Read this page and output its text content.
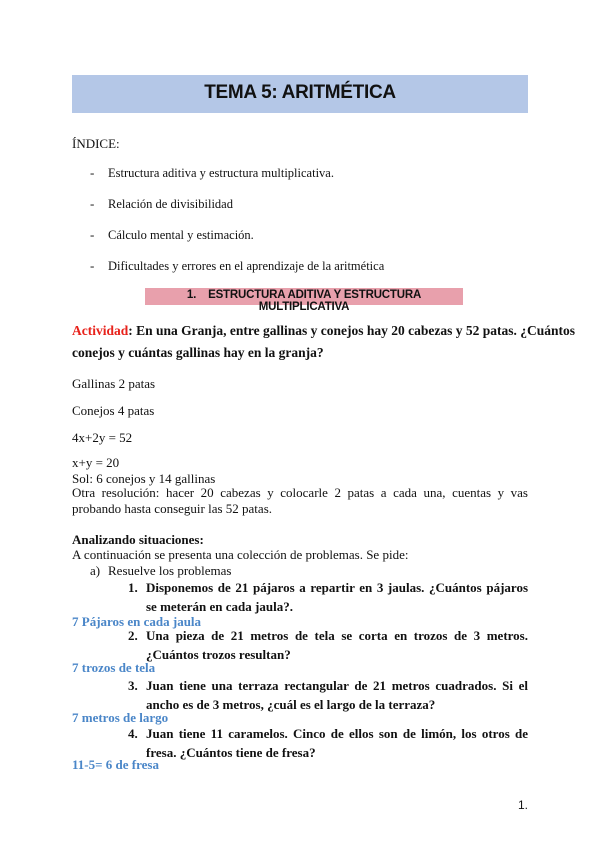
TEMA 5: ARITMÉTICA
ÍNDICE:
- Estructura aditiva y estructura multiplicativa.
- Relación de divisibilidad
- Cálculo mental y estimación.
- Dificultades y errores en el aprendizaje de la aritmética
1. ESTRUCTURA ADITIVA Y ESTRUCTURA MULTIPLICATIVA
Actividad: En una Granja, entre gallinas y conejos hay 20 cabezas y 52 patas. ¿Cuántos
conejos y cuántas gallinas hay en la granja?
Gallinas 2 patas
Conejos 4 patas
4x+2y = 52
x+y = 20
Sol: 6 conejos y 14 gallinas
Otra resolución: hacer 20 cabezas y colocarle 2 patas a cada una, cuentas y vas probando hasta conseguir las 52 patas.
Analizando situaciones:
A continuación se presenta una colección de problemas. Se pide:
a) Resuelve los problemas
1. Disponemos de 21 pájaros a repartir en 3 jaulas. ¿Cuántos pájaros se meterán en cada jaula?.
7 Pájaros en cada jaula
2. Una pieza de 21 metros de tela se corta en trozos de 3 metros. ¿Cuántos trozos resultan?
7 trozos de tela
3. Juan tiene una terraza rectangular de 21 metros cuadrados. Si el ancho es de 3 metros, ¿cuál es el largo de la terraza?
7 metros de largo
4. Juan tiene 11 caramelos. Cinco de ellos son de limón, los otros de fresa. ¿Cuántos tiene de fresa?
11-5= 6 de fresa
1.
